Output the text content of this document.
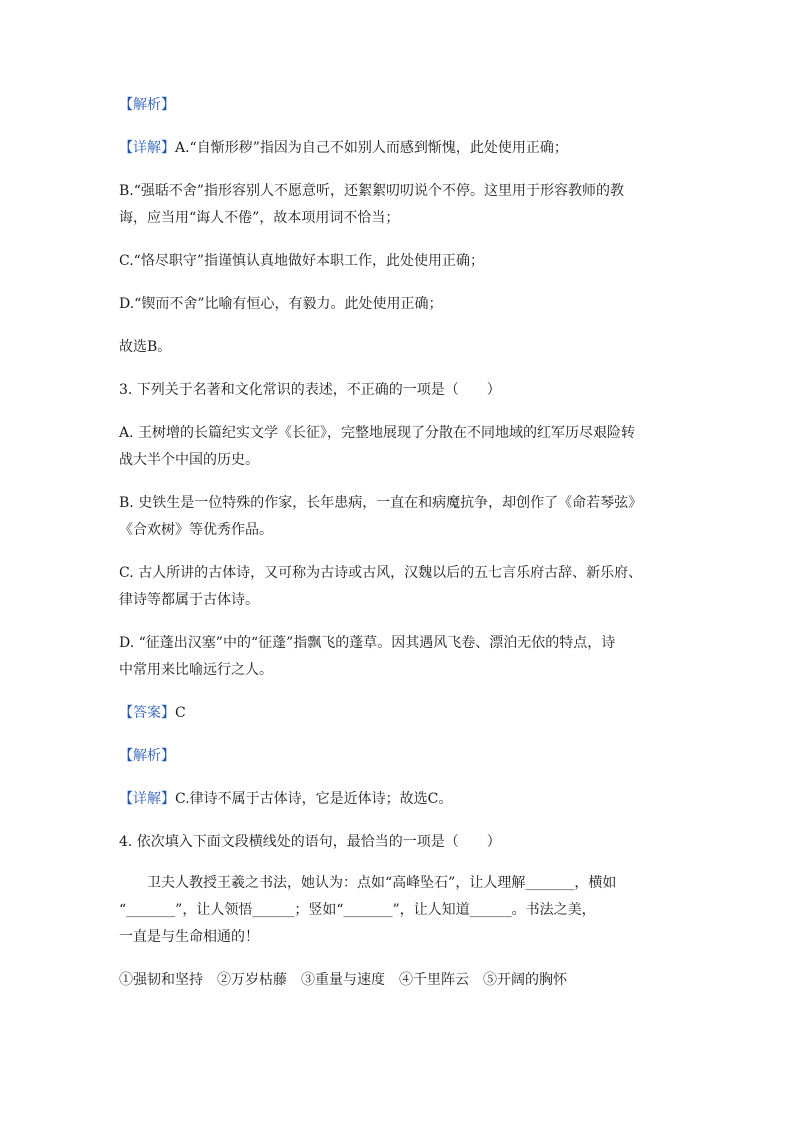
【解析】
【详解】A.“自惭形秽”指因为自己不如别人而感到惭愧，此处使用正确；
B.“强聒不舍”指形容别人不愿意听，还絮絮叨叨说个不停。这里用于形容教师的教
诲，应当用“诲人不倦”，故本项用词不恰当；
C.“恪尽职守”指谨慎认真地做好本职工作，此处使用正确；
D.“锲而不舍”比喻有恒心，有毅力。此处使用正确；
故选B。
3. 下列关于名著和文化常识的表述，不正确的一项是（　　）
A. 王树增的长篇纪实文学《长征》，完整地展现了分散在不同地域的红军历尽艰险转
战大半个中国的历史。
B. 史铁生是一位特殊的作家，长年患病，一直在和病魔抗争，却创作了《命若琴弦》
《合欢树》等优秀作品。
C. 古人所讲的古体诗，又可称为古诗或古风，汉魏以后的五七言乐府古辞、新乐府、
律诗等都属于古体诗。
D. “征蓬出汉塞”中的“征蓬”指飘飞的蓬草。因其遇风飞卷、漂泊无依的特点，诗
中常用来比喻远行之人。
【答案】C
【解析】
【详解】C.律诗不属于古体诗，它是近体诗；故选C。
4. 依次填入下面文段横线处的语句，最恰当的一项是（　　）
卫夫人教授王羲之书法，她认为：点如“高峰坠石”，让人理解_______，横如
“_______”，让人领悟______；竖如“_______”，让人知道______。书法之美，
一直是与生命相通的！
①强韧和坚持　②万岁枯藤　③重量与速度　④千里阵云　⑤开阔的胸怀
